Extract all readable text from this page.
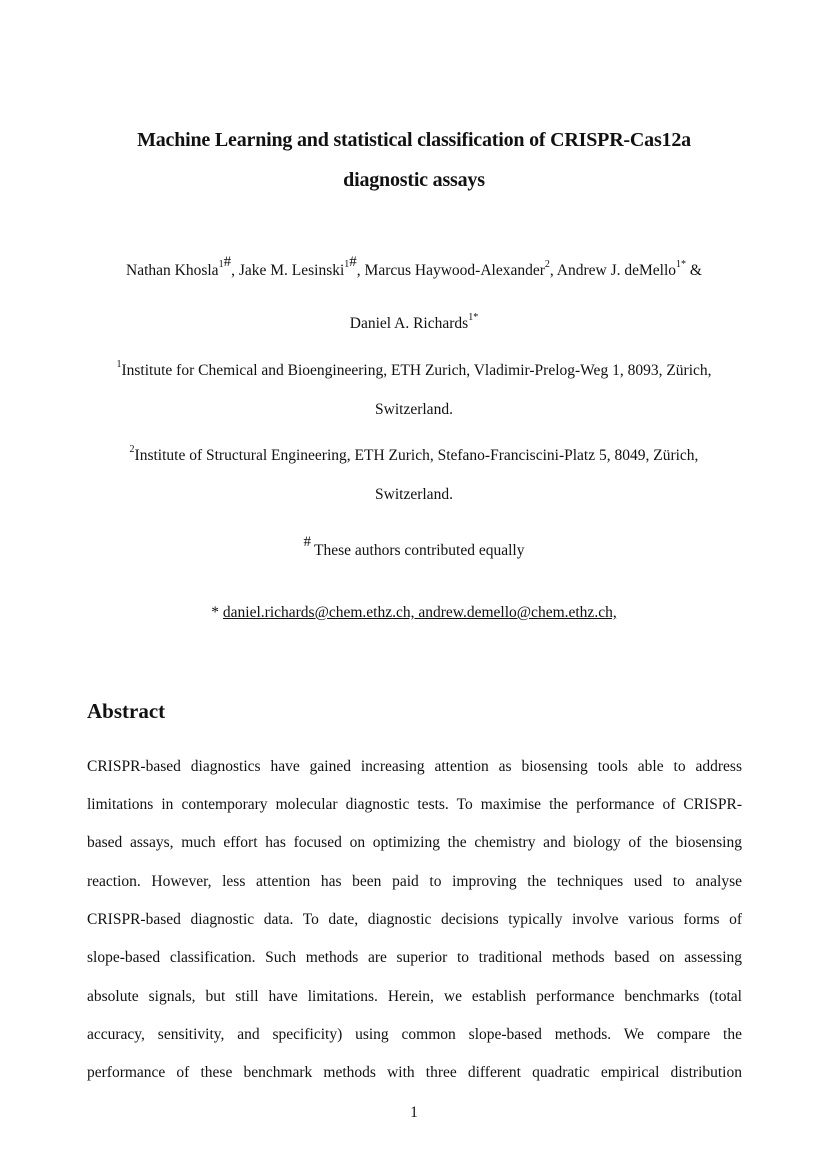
Machine Learning and statistical classification of CRISPR-Cas12a
diagnostic assays
Nathan Khosla$^{1\#}$, Jake M. Lesinski$^{1\#}$, Marcus Haywood-Alexander$^2$, Andrew J. deMello$^{1*}$ &
Daniel A. Richards$^{1*}$
$^1$Institute for Chemical and Bioengineering, ETH Zurich, Vladimir-Prelog-Weg 1, 8093, Zürich,
Switzerland.
$^2$Institute of Structural Engineering, ETH Zurich, Stefano-Franciscini-Platz 5, 8049, Zürich,
Switzerland.
# These authors contributed equally
* daniel.richards@chem.ethz.ch, andrew.demello@chem.ethz.ch,
Abstract
CRISPR-based diagnostics have gained increasing attention as biosensing tools able to address
limitations in contemporary molecular diagnostic tests. To maximise the performance of CRISPR-
based assays, much effort has focused on optimizing the chemistry and biology of the biosensing
reaction. However, less attention has been paid to improving the techniques used to analyse
CRISPR-based diagnostic data. To date, diagnostic decisions typically involve various forms of
slope-based classification. Such methods are superior to traditional methods based on assessing
absolute signals, but still have limitations. Herein, we establish performance benchmarks (total
accuracy, sensitivity, and specificity) using common slope-based methods. We compare the
performance of these benchmark methods with three different quadratic empirical distribution
1
